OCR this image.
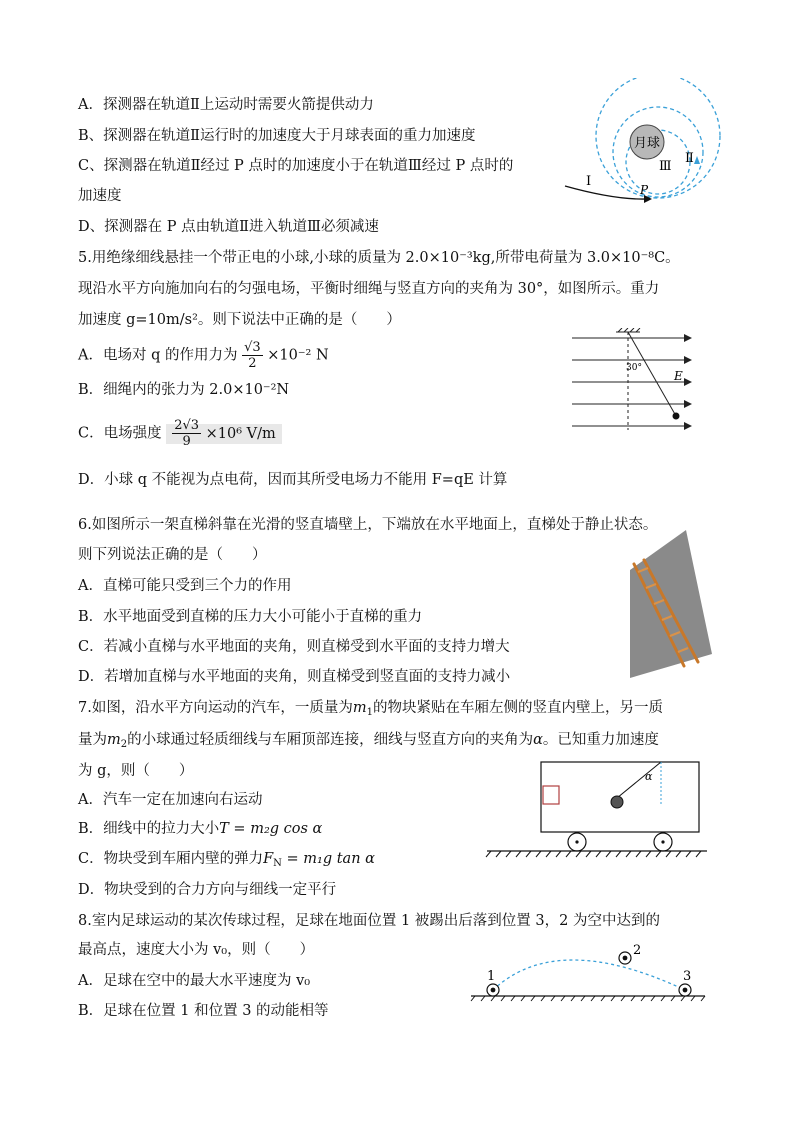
A．探测器在轨道Ⅱ上运动时需要火箭提供动力
B、探测器在轨道Ⅱ运行时的加速度大于月球表面的重力加速度
C、探测器在轨道Ⅱ经过 P 点时的加速度小于在轨道Ⅲ经过 P 点时的
加速度
D、探测器在 P 点由轨道Ⅱ进入轨道Ⅲ必须减速
月球
Ⅰ
Ⅲ
Ⅱ
P
5.用绝缘细线悬挂一个带正电的小球,小球的质量为 2.0×10⁻³kg,所带电荷量为 3.0×10⁻⁸C。
现沿水平方向施加向右的匀强电场，平衡时细绳与竖直方向的夹角为 30°，如图所示。重力
加速度 g=10m/s²。则下说法中正确的是（　　）
A．电场对 q 的作用力为 $\frac{√3}{2} \times 10^{-2}$ N
B．细绳内的张力为 2.0×10⁻²N
C．电场强度 $\frac{2√3}{9} \times 10^6$ V/m
D．小球 q 不能视为点电荷，因而其所受电场力不能用 F=qE 计算
30°
E
6.如图所示一架直梯斜靠在光滑的竖直墙壁上，下端放在水平地面上，直梯处于静止状态。
则下列说法正确的是（　　）
A．直梯可能只受到三个力的作用
B．水平地面受到直梯的压力大小可能小于直梯的重力
C．若减小直梯与水平地面的夹角，则直梯受到水平面的支持力增大
D．若增加直梯与水平地面的夹角，则直梯受到竖直面的支持力减小
7.如图，沿水平方向运动的汽车，一质量为$m_1$的物块紧贴在车厢左侧的竖直内壁上，另一质
量为$m_2$的小球通过轻质细线与车厢顶部连接，细线与竖直方向的夹角为α。已知重力加速度
为 g，则（　　）
A．汽车一定在加速向右运动
B．细线中的拉力大小T = m₂g cos α
C．物块受到车厢内壁的弹力$F_N = m_1g$ tan α
D．物块受到的合力方向与细线一定平行
α
8.室内足球运动的某次传球过程，足球在地面位置 1 被踢出后落到位置 3，2 为空中达到的
最高点，速度大小为 v₀，则（　　）
A．足球在空中的最大水平速度为 v₀
B．足球在位置 1 和位置 3 的动能相等
1
2
3
